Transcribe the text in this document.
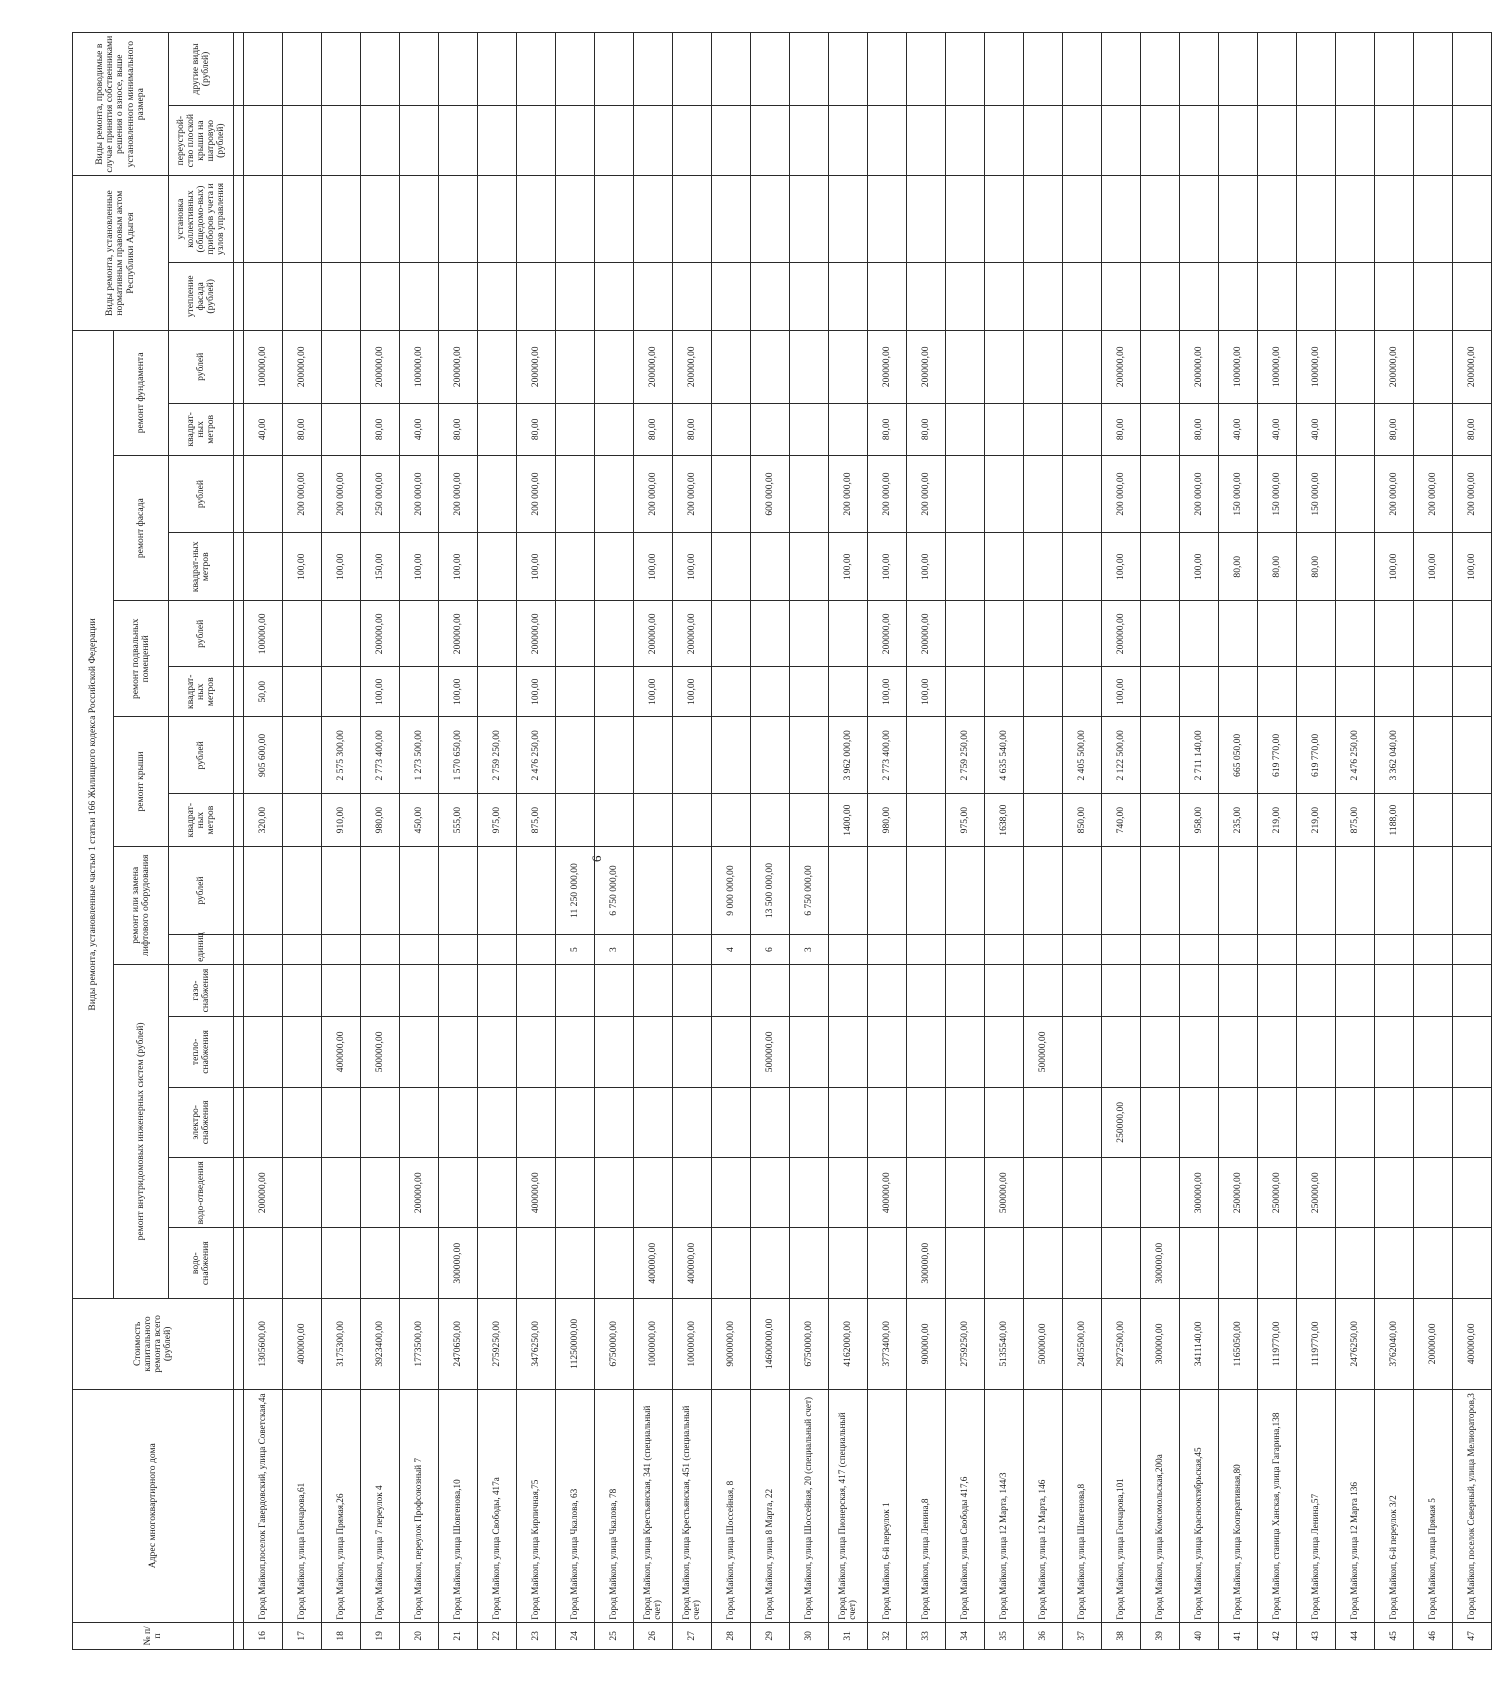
6
№ п/п	Адрес многоквартирного дома	Стоимость капитального ремонта всего (рублей)	Виды ремонта, установленные частью 1 статьи 166 Жилищного кодекса Российской Федерации															Виды ремонта, установленные нормативным правовым актом Республики Адыгея		Виды ремонта, проводимые в случае принятия собственниками решения о взносе, выше установленного минимального размера	
			ремонт внутридомовых инженерных систем (рублей)					ремонт или замена лифтового оборудования		ремонт крыши		ремонт подвальных помещений		ремонт фасада		ремонт фундамента					
			водо-снабжения	водо-отведения	электро-снабжения	тепло-снабжения	газо-снабжения											утепление фасада (рублей)	установка коллективных (общедомо-вых) приборов учета и узлов управления	переустрой-ство плоской крыши на шатровую (рублей)	другие виды (рублей)
								единиц	рублей	квадрат-ных метров	рублей	квадрат-ных метров	рублей	квадрат-ных метров	рублей	квадрат-ных метров	рублей				

16	Город Майкоп,поселок Гавердовский, улица Советская,4а	1305600,00		200000,00						320,00	905 600,00	50,00	100000,00			40,00	100000,00				
17	Город Майкоп, улица Гончарова,61	400000,00												100,00	200 000,00	80,00	200000,00				
18	Город Майкоп, улица Прямая,26	3175300,00				400000,00				910,00	2 575 300,00			100,00	200 000,00						
19	Город Майкоп, улица 7 переулок 4	3923400,00				500000,00				980,00	2 773 400,00	100,00	200000,00	150,00	250 000,00	80,00	200000,00				
20	Город Майкоп, переулок Профсоюзный 7	1773500,00		200000,00						450,00	1 273 500,00			100,00	200 000,00	40,00	100000,00				
21	Город Майкоп, улица Шовгенова,10	2470650,00	300000,00							555,00	1 570 650,00	100,00	200000,00	100,00	200 000,00	80,00	200000,00				
22	Город Майкоп, улица Свободы, 417а	2759250,00								975,00	2 759 250,00										
23	Город Майкоп, улица Кирпичная,75	3476250,00		400000,00						875,00	2 476 250,00	100,00	200000,00	100,00	200 000,00	80,00	200000,00				
24	Город Майкоп, улица Чкалова, 63	11250000,00						5	11 250 000,00												
25	Город Майкоп, улица Чкалова, 78	6750000,00						3	6 750 000,00												
26	Город Майкоп, улица Крестьянская, 341 (специальный счет)	1000000,00	400000,00									100,00	200000,00	100,00	200 000,00	80,00	200000,00				
27	Город Майкоп, улица Крестьянская, 451 (специальный счет)	1000000,00	400000,00									100,00	200000,00	100,00	200 000,00	80,00	200000,00				
28	Город Майкоп, улица Шоссейная, 8	9000000,00						4	9 000 000,00												
29	Город Майкоп, улица 8 Марта, 22	14600000,00				500000,00		6	13 500 000,00						600 000,00						
30	Город Майкоп, улица Шоссейная, 20 (специальный счет)	6750000,00						3	6 750 000,00												
31	Город Майкоп, улица Пионерская, 417 (специальный счет)	4162000,00								1400,00	3 962 000,00			100,00	200 000,00						
32	Город Майкоп, 6-й переулок 1	3773400,00		400000,00						980,00	2 773 400,00	100,00	200000,00	100,00	200 000,00	80,00	200000,00				
33	Город Майкоп, улица Ленина,8	900000,00	300000,00									100,00	200000,00	100,00	200 000,00	80,00	200000,00				
34	Город Майкоп, улица Свободы 417,6	2759250,00								975,00	2 759 250,00										
35	Город Майкоп, улица 12 Марта, 144/3	5135540,00		500000,00						1638,00	4 635 540,00										
36	Город Майкоп, улица 12 Марта, 146	500000,00				500000,00															
37	Город Майкоп, улица Шовгенова,8	2405500,00								850,00	2 405 500,00										
38	Город Майкоп, улица Гончарова,101	2972500,00			250000,00					740,00	2 122 500,00	100,00	200000,00	100,00	200 000,00	80,00	200000,00				
39	Город Майкоп, улица Комсомольская,200а	300000,00	300000,00																		
40	Город Майкоп, улица Краснооктябрьская,45	3411140,00		300000,00						958,00	2 711 140,00			100,00	200 000,00	80,00	200000,00				
41	Город Майкоп, улица Кооперативная,80	1165050,00		250000,00						235,00	665 050,00			80,00	150 000,00	40,00	100000,00				
42	Город Майкоп, станица Ханская, улица Гагарина,138	1119770,00		250000,00						219,00	619 770,00			80,00	150 000,00	40,00	100000,00				
43	Город Майкоп, улица Ленина,57	1119770,00		250000,00						219,00	619 770,00			80,00	150 000,00	40,00	100000,00				
44	Город Майкоп, улица 12 Марта 136	2476250,00								875,00	2 476 250,00										
45	Город Майкоп, 6-й переулок 3/2	3762040,00								1188,00	3 362 040,00			100,00	200 000,00	80,00	200000,00				
46	Город Майкоп, улица Прямая 5	200000,00												100,00	200 000,00						
47	Город Майкоп, поселок Северный, улица Мелиораторов,3	400000,00												100,00	200 000,00	80,00	200000,00				
